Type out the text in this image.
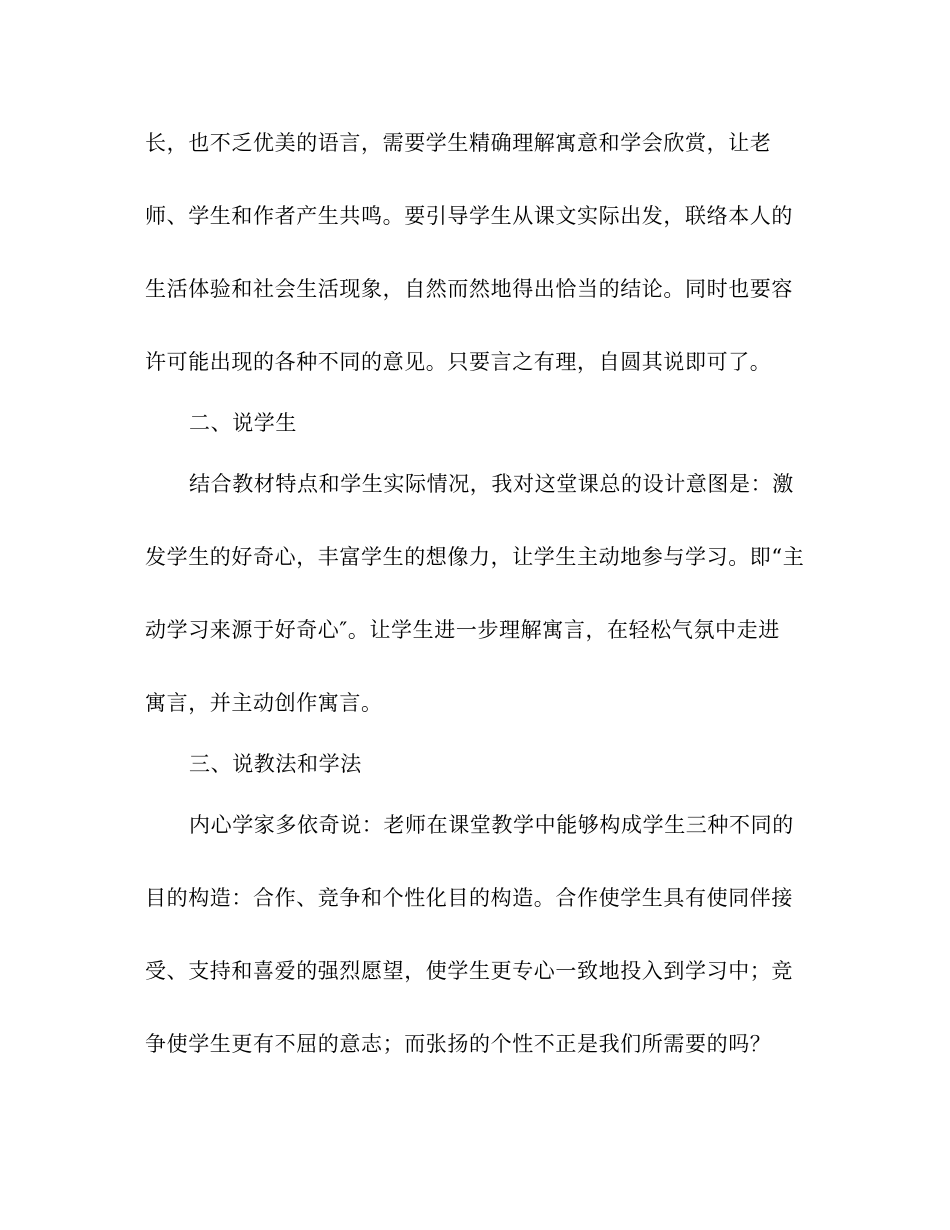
长，也不乏优美的语言，需要学生精确理解寓意和学会欣赏，让老

师、学生和作者产生共鸣。要引导学生从课文实际出发，联络本人的

生活体验和社会生活现象，自然而然地得出恰当的结论。同时也要容

许可能出现的各种不同的意见。只要言之有理，自圆其说即可了。

二、说学生

结合教材特点和学生实际情况，我对这堂课总的设计意图是：激

发学生的好奇心，丰富学生的想像力，让学生主动地参与学习。即“主

动学习来源于好奇心″。让学生进一步理解寓言，在轻松气氛中走进

寓言，并主动创作寓言。

三、说教法和学法

内心学家多依奇说：老师在课堂教学中能够构成学生三种不同的

目的构造：合作、竞争和个性化目的构造。合作使学生具有使同伴接

受、支持和喜爱的强烈愿望，使学生更专心一致地投入到学习中；竞

争使学生更有不屈的意志；而张扬的个性不正是我们所需要的吗？
